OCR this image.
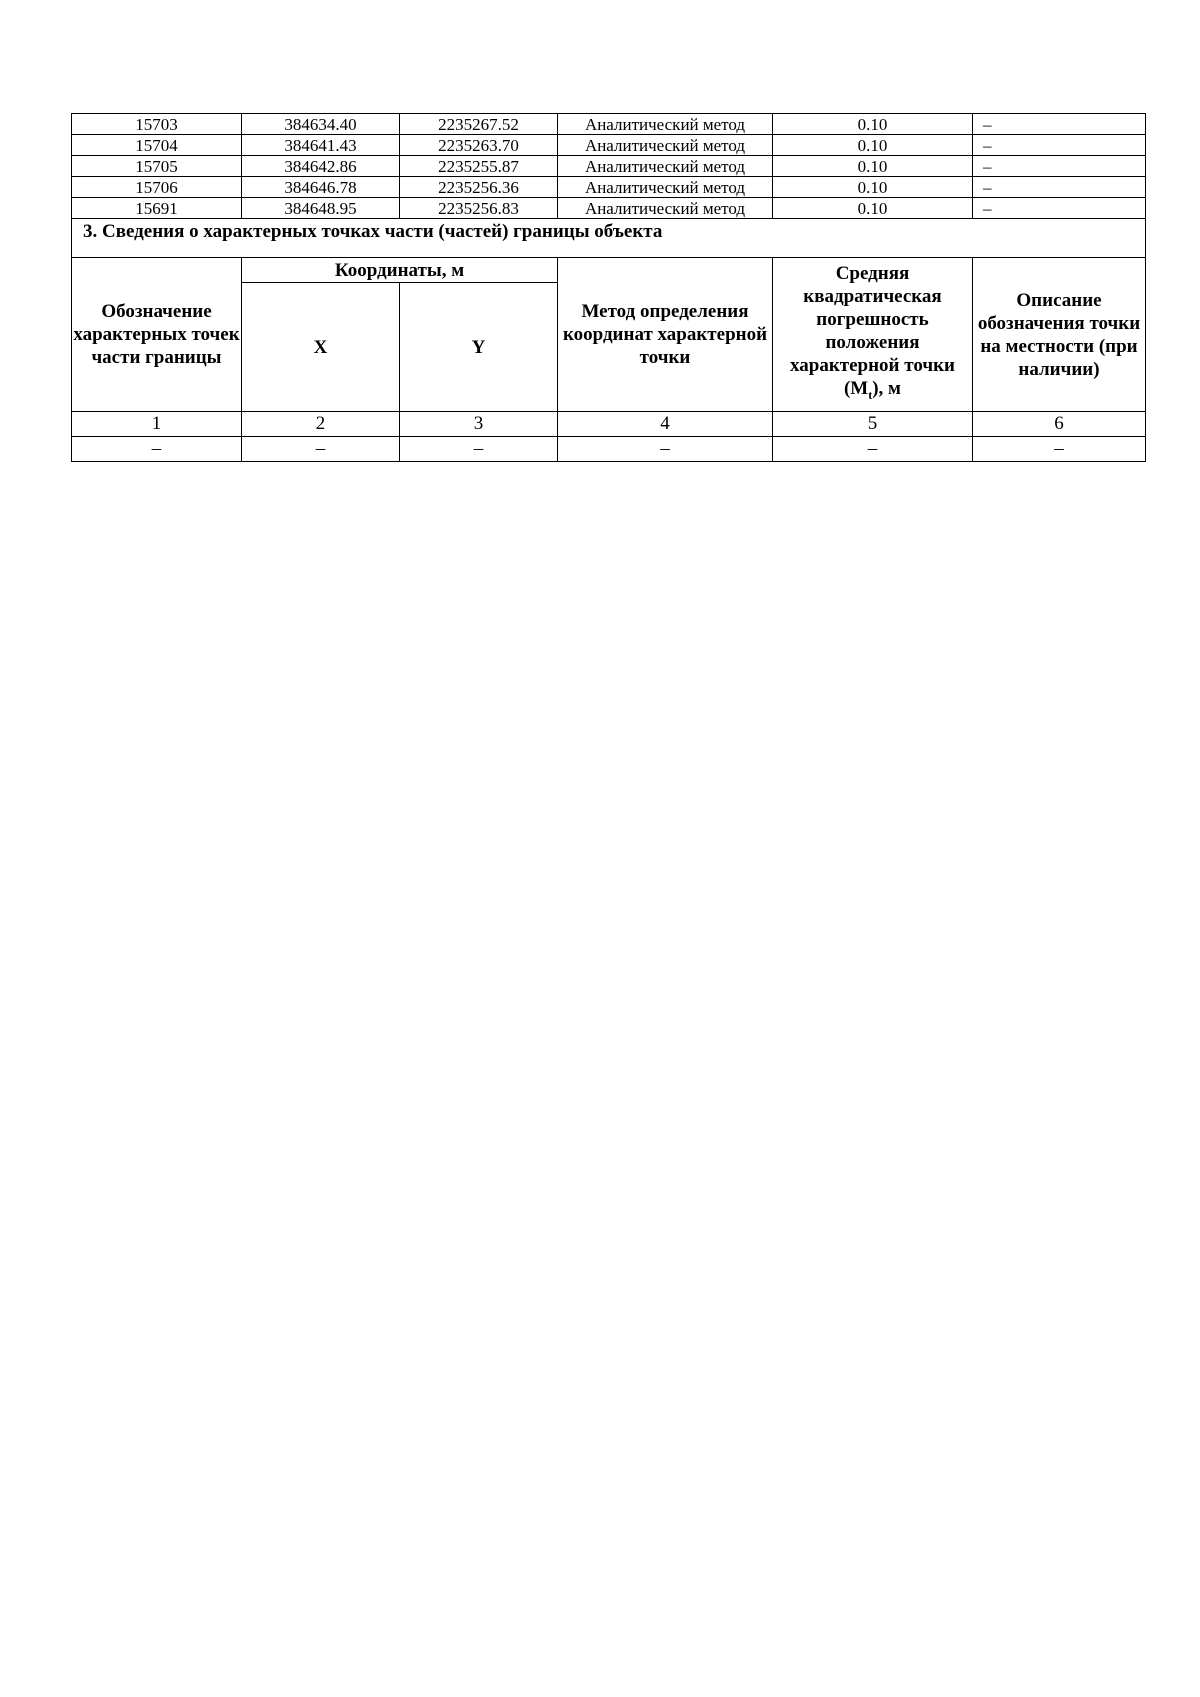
15703	384634.40	2235267.52	Аналитический метод	0.10	–
15704	384641.43	2235263.70	Аналитический метод	0.10	–
15705	384642.86	2235255.87	Аналитический метод	0.10	–
15706	384646.78	2235256.36	Аналитический метод	0.10	–
15691	384648.95	2235256.83	Аналитический метод	0.10	–
3. Сведения о характерных точках части (частей) границы объекта					
Обозначение характерных точек части границы	Координаты, м		Метод определения координат характерной точки	Средняя квадратическая погрешность положения характерной точки $(M_t)$, м	Описание обозначения точки на местности (при наличии)
	X	Y			
1	2	3	4	5	6
–	–	–	–	–	–
